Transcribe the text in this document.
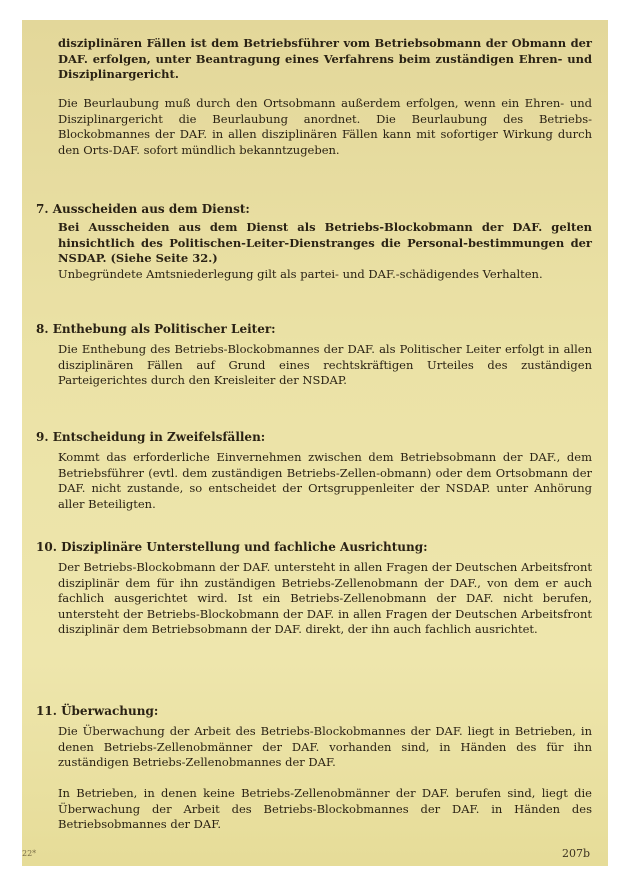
disziplinären Fällen ist dem Betriebsführer vom Betriebsobmann der Obmann der DAF. erfolgen, unter Beantragung eines Verfahrens beim zuständigen Ehren- und Disziplinargericht.

Die Beurlaubung muß durch den Ortsobmann außerdem erfolgen, wenn ein Ehren- und Disziplinargericht die Beurlaubung anordnet. Die Beurlaubung des Betriebs-Blockobmannes der DAF. in allen disziplinären Fällen kann mit sofortiger Wirkung durch den Orts-DAF. sofort mündlich bekanntzugeben.

7. Ausscheiden aus dem Dienst:

Bei Ausscheiden aus dem Dienst als Betriebs-Blockobmann der DAF. gelten hinsichtlich des Politischen-Leiter-Dienstranges die Personal-bestimmungen der NSDAP. (Siehe Seite 32.)

Unbegründete Amtsniederlegung gilt als partei- und DAF.-schädigendes Verhalten.

8. Enthebung als Politischer Leiter:

Die Enthebung des Betriebs-Blockobmannes der DAF. als Politischer Leiter erfolgt in allen disziplinären Fällen auf Grund eines rechtskräftigen Urteiles des zuständigen Parteigerichtes durch den Kreisleiter der NSDAP.

9. Entscheidung in Zweifelsfällen:

Kommt das erforderliche Einvernehmen zwischen dem Betriebsobmann der DAF., dem Betriebsführer (evtl. dem zuständigen Betriebs-Zellen-obmann) oder dem Ortsobmann der DAF. nicht zustande, so entscheidet der Ortsgruppenleiter der NSDAP. unter Anhörung aller Beteiligten.

10. Disziplinäre Unterstellung und fachliche Ausrichtung:

Der Betriebs-Blockobmann der DAF. untersteht in allen Fragen der Deutschen Arbeitsfront disziplinär dem für ihn zuständigen Betriebs-Zellenobmann der DAF., von dem er auch fachlich ausgerichtet wird. Ist ein Betriebs-Zellenobmann der DAF. nicht berufen, untersteht der Betriebs-Blockobmann der DAF. in allen Fragen der Deutschen Arbeitsfront disziplinär dem Betriebsobmann der DAF. direkt, der ihn auch fachlich ausrichtet.

11. Überwachung:

Die Überwachung der Arbeit des Betriebs-Blockobmannes der DAF. liegt in Betrieben, in denen Betriebs-Zellenobmänner der DAF. vorhanden sind, in Händen des für ihn zuständigen Betriebs-Zellenobmannes der DAF.

In Betrieben, in denen keine Betriebs-Zellenobmänner der DAF. berufen sind, liegt die Überwachung der Arbeit des Betriebs-Blockobmannes der DAF. in Händen des Betriebsobmannes der DAF.

22*	207b
